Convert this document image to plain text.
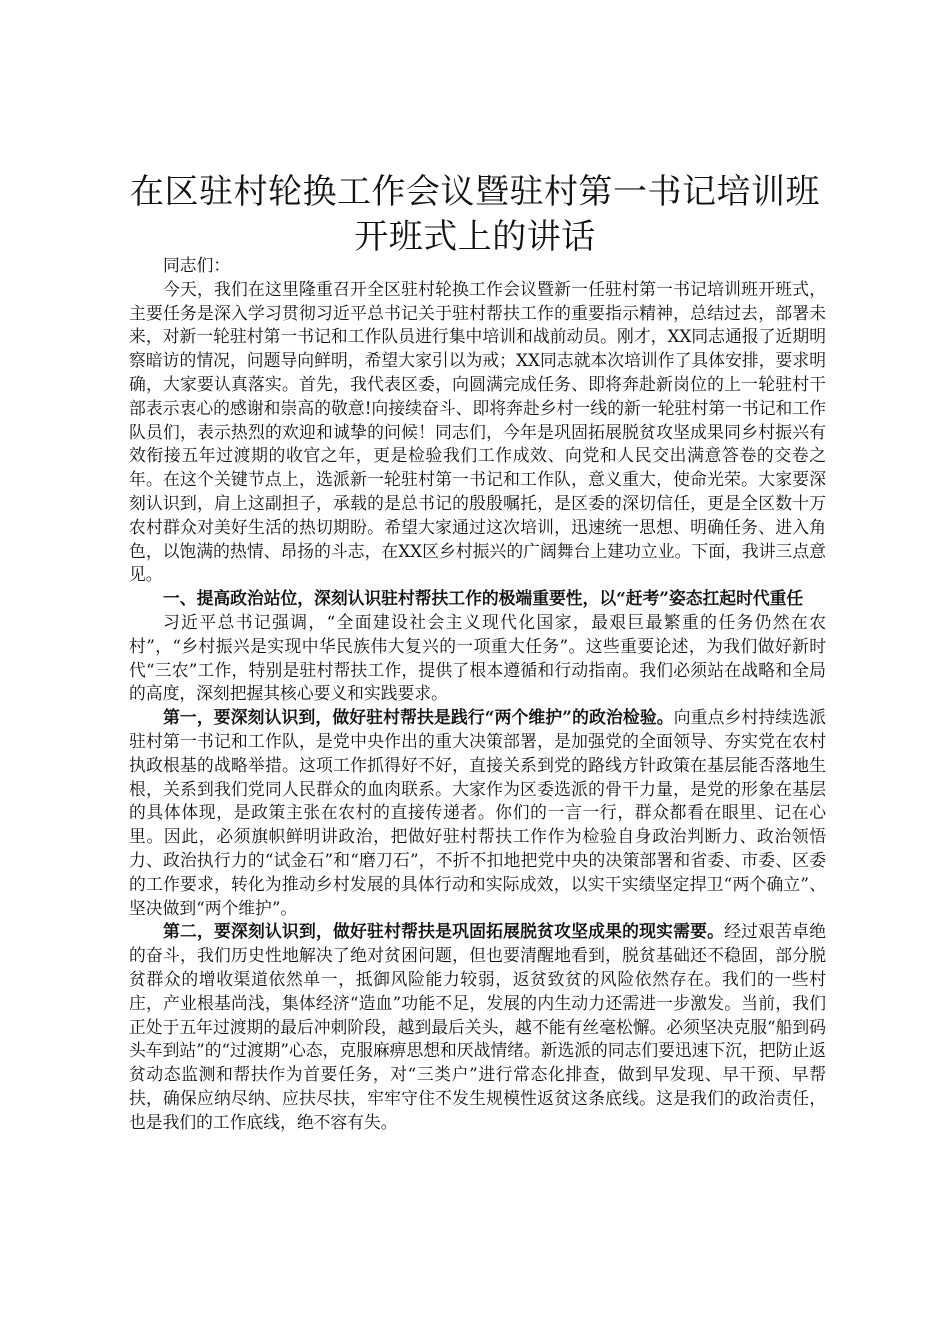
在区驻村轮换工作会议暨驻村第一书记培训班
开班式上的讲话

同志们：

今天，我们在这里隆重召开全区驻村轮换工作会议暨新一任驻村第一书记培训班开班式，主要任务是深入学习贯彻习近平总书记关于驻村帮扶工作的重要指示精神，总结过去，部署未来，对新一轮驻村第一书记和工作队员进行集中培训和战前动员。刚才，XX同志通报了近期明察暗访的情况，问题导向鲜明，希望大家引以为戒；XX同志就本次培训作了具体安排，要求明确，大家要认真落实。首先，我代表区委，向圆满完成任务、即将奔赴新岗位的上一轮驻村干部表示衷心的感谢和崇高的敬意!向接续奋斗、即将奔赴乡村一线的新一轮驻村第一书记和工作队员们，表示热烈的欢迎和诚挚的问候！同志们，今年是巩固拓展脱贫攻坚成果同乡村振兴有效衔接五年过渡期的收官之年，更是检验我们工作成效、向党和人民交出满意答卷的交卷之年。在这个关键节点上，选派新一轮驻村第一书记和工作队，意义重大，使命光荣。大家要深刻认识到，肩上这副担子，承载的是总书记的殷殷嘱托，是区委的深切信任，更是全区数十万农村群众对美好生活的热切期盼。希望大家通过这次培训，迅速统一思想、明确任务、进入角色，以饱满的热情、昂扬的斗志，在XX区乡村振兴的广阔舞台上建功立业。下面，我讲三点意见。

一、提高政治站位，深刻认识驻村帮扶工作的极端重要性，以“赶考”姿态扛起时代重任

习近平总书记强调，“全面建设社会主义现代化国家，最艰巨最繁重的任务仍然在农村”，“乡村振兴是实现中华民族伟大复兴的一项重大任务”。这些重要论述，为我们做好新时代“三农”工作，特别是驻村帮扶工作，提供了根本遵循和行动指南。我们必须站在战略和全局的高度，深刻把握其核心要义和实践要求。

第一，要深刻认识到，做好驻村帮扶是践行“两个维护”的政治检验。向重点乡村持续选派驻村第一书记和工作队，是党中央作出的重大决策部署，是加强党的全面领导、夯实党在农村执政根基的战略举措。这项工作抓得好不好，直接关系到党的路线方针政策在基层能否落地生根，关系到我们党同人民群众的血肉联系。大家作为区委选派的骨干力量，是党的形象在基层的具体体现，是政策主张在农村的直接传递者。你们的一言一行，群众都看在眼里、记在心里。因此，必须旗帜鲜明讲政治，把做好驻村帮扶工作作为检验自身政治判断力、政治领悟力、政治执行力的“试金石”和“磨刀石”，不折不扣地把党中央的决策部署和省委、市委、区委的工作要求，转化为推动乡村发展的具体行动和实际成效，以实干实绩坚定捍卫“两个确立”、坚决做到“两个维护”。

第二，要深刻认识到，做好驻村帮扶是巩固拓展脱贫攻坚成果的现实需要。经过艰苦卓绝的奋斗，我们历史性地解决了绝对贫困问题，但也要清醒地看到，脱贫基础还不稳固，部分脱贫群众的增收渠道依然单一，抵御风险能力较弱，返贫致贫的风险依然存在。我们的一些村庄，产业根基尚浅，集体经济“造血”功能不足，发展的内生动力还需进一步激发。当前，我们正处于五年过渡期的最后冲刺阶段，越到最后关头，越不能有丝毫松懈。必须坚决克服“船到码头车到站”的“过渡期”心态，克服麻痹思想和厌战情绪。新选派的同志们要迅速下沉，把防止返贫动态监测和帮扶作为首要任务，对“三类户”进行常态化排查，做到早发现、早干预、早帮扶，确保应纳尽纳、应扶尽扶，牢牢守住不发生规模性返贫这条底线。这是我们的政治责任，也是我们的工作底线，绝不容有失。
